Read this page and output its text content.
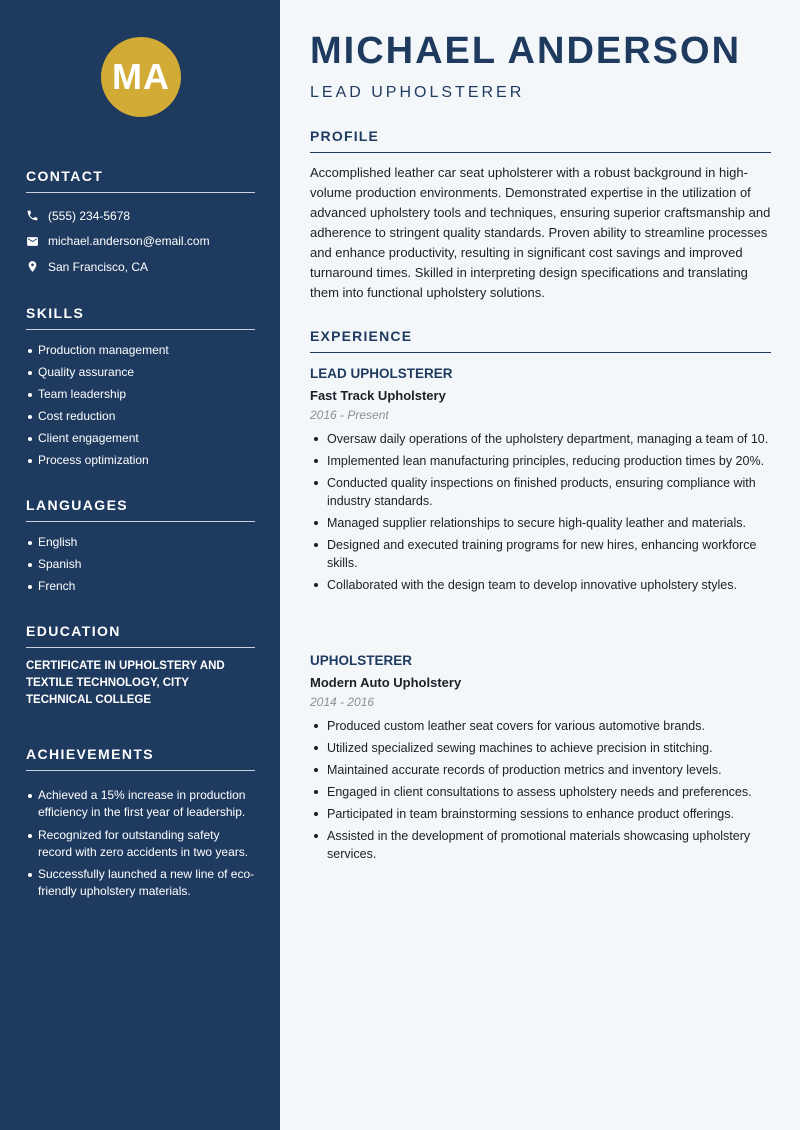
MA
CONTACT
(555) 234-5678
michael.anderson@email.com
San Francisco, CA
SKILLS
Production management
Quality assurance
Team leadership
Cost reduction
Client engagement
Process optimization
LANGUAGES
English
Spanish
French
EDUCATION
CERTIFICATE IN UPHOLSTERY AND TEXTILE TECHNOLOGY, CITY TECHNICAL COLLEGE
ACHIEVEMENTS
Achieved a 15% increase in production efficiency in the first year of leadership.
Recognized for outstanding safety record with zero accidents in two years.
Successfully launched a new line of eco-friendly upholstery materials.
MICHAEL ANDERSON
LEAD UPHOLSTERER
PROFILE

Accomplished leather car seat upholsterer with a robust background in high-volume production environments. Demonstrated expertise in the utilization of advanced upholstery tools and techniques, ensuring superior craftsmanship and adherence to stringent quality standards. Proven ability to streamline processes and enhance productivity, resulting in significant cost savings and improved turnaround times. Skilled in interpreting design specifications and translating them into functional upholstery solutions.

EXPERIENCE
LEAD UPHOLSTERER
Fast Track Upholstery
2016 - Present
Oversaw daily operations of the upholstery department, managing a team of 10.
Implemented lean manufacturing principles, reducing production times by 20%.
Conducted quality inspections on finished products, ensuring compliance with industry standards.
Managed supplier relationships to secure high-quality leather and materials.
Designed and executed training programs for new hires, enhancing workforce skills.
Collaborated with the design team to develop innovative upholstery styles.
UPHOLSTERER
Modern Auto Upholstery
2014 - 2016
Produced custom leather seat covers for various automotive brands.
Utilized specialized sewing machines to achieve precision in stitching.
Maintained accurate records of production metrics and inventory levels.
Engaged in client consultations to assess upholstery needs and preferences.
Participated in team brainstorming sessions to enhance product offerings.
Assisted in the development of promotional materials showcasing upholstery services.
